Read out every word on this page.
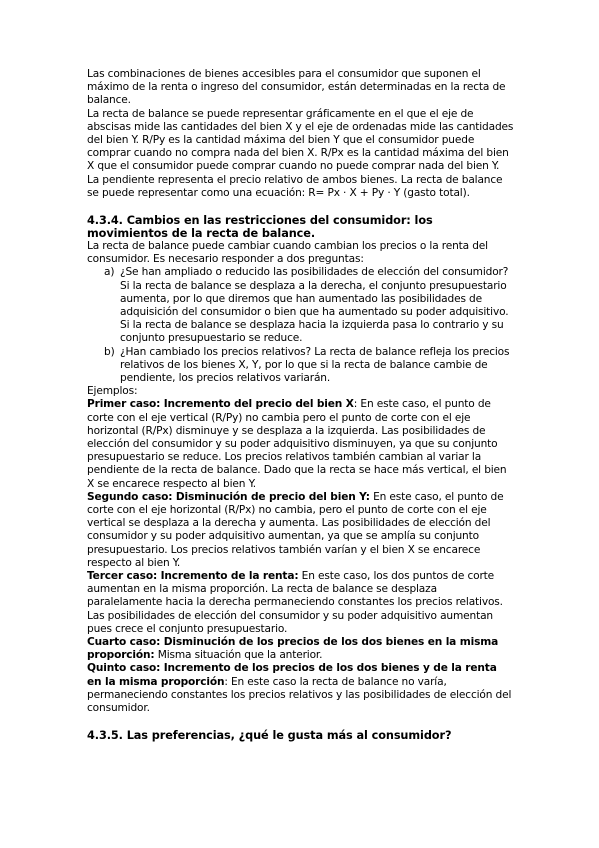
Las combinaciones de bienes accesibles para el consumidor que suponen el máximo de la renta o ingreso del consumidor, están determinadas en la recta de balance.

La recta de balance se puede representar gráficamente en el que el eje de abscisas mide las cantidades del bien X y el eje de ordenadas mide las cantidades del bien Y. R/Py es la cantidad máxima del bien Y que el consumidor puede comprar cuando no compra nada del bien X. R/Px es la cantidad máxima del bien X que el consumidor puede comprar cuando no puede comprar nada del bien Y. La pendiente representa el precio relativo de ambos bienes. La recta de balance se puede representar como una ecuación: R= Px · X + Py · Y (gasto total).

4.3.4. Cambios en las restricciones del consumidor: los movimientos de la recta de balance.

La recta de balance puede cambiar cuando cambian los precios o la renta del consumidor. Es necesario responder a dos preguntas:

a) ¿Se han ampliado o reducido las posibilidades de elección del consumidor? Si la recta de balance se desplaza a la derecha, el conjunto presupuestario aumenta, por lo que diremos que han aumentado las posibilidades de adquisición del consumidor o bien que ha aumentado su poder adquisitivo. Si la recta de balance se desplaza hacia la izquierda pasa lo contrario y su conjunto presupuestario se reduce.
b) ¿Han cambiado los precios relativos? La recta de balance refleja los precios relativos de los bienes X, Y, por lo que si la recta de balance cambie de pendiente, los precios relativos variarán.

Ejemplos:

Primer caso: Incremento del precio del bien X: En este caso, el punto de corte con el eje vertical (R/Py) no cambia pero el punto de corte con el eje horizontal (R/Px) disminuye y se desplaza a la izquierda. Las posibilidades de elección del consumidor y su poder adquisitivo disminuyen, ya que su conjunto presupuestario se reduce. Los precios relativos también cambian al variar la pendiente de la recta de balance. Dado que la recta se hace más vertical, el bien X se encarece respecto al bien Y.

Segundo caso: Disminución de precio del bien Y: En este caso, el punto de corte con el eje horizontal (R/Px) no cambia, pero el punto de corte con el eje vertical se desplaza a la derecha y aumenta. Las posibilidades de elección del consumidor y su poder adquisitivo aumentan, ya que se amplía su conjunto presupuestario. Los precios relativos también varían y el bien X se encarece respecto al bien Y.

Tercer caso: Incremento de la renta: En este caso, los dos puntos de corte aumentan en la misma proporción. La recta de balance se desplaza paralelamente hacia la derecha permaneciendo constantes los precios relativos. Las posibilidades de elección del consumidor y su poder adquisitivo aumentan pues crece el conjunto presupuestario.

Cuarto caso: Disminución de los precios de los dos bienes en la misma proporción: Misma situación que la anterior.

Quinto caso: Incremento de los precios de los dos bienes y de la renta en la misma proporción: En este caso la recta de balance no varía, permaneciendo constantes los precios relativos y las posibilidades de elección del consumidor.

4.3.5. Las preferencias, ¿qué le gusta más al consumidor?
